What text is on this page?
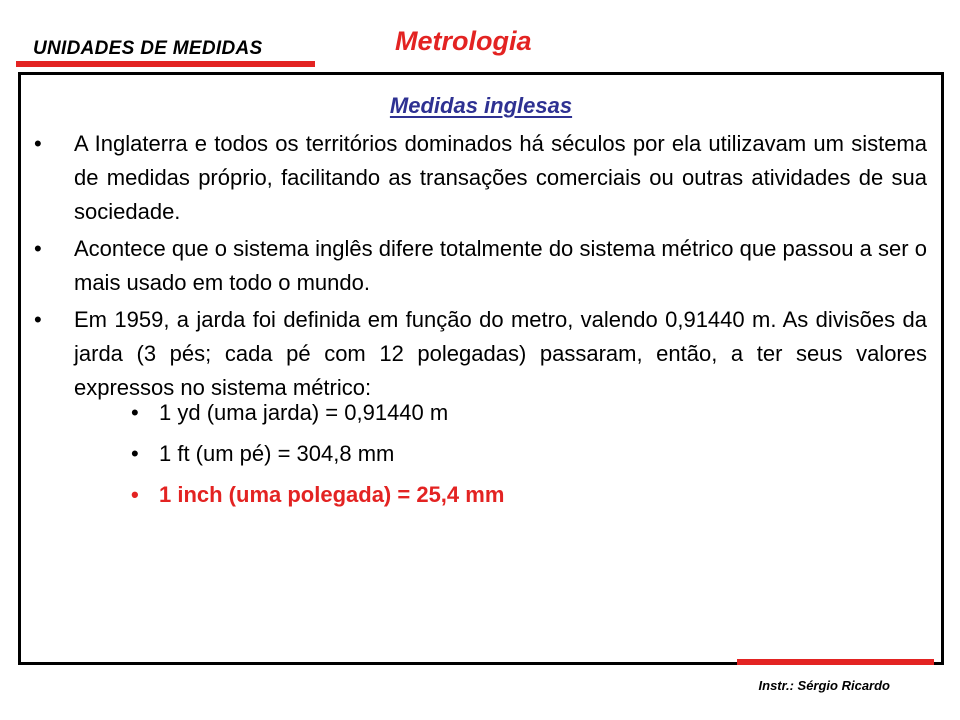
UNIDADES DE MEDIDAS	Metrologia
Medidas inglesas
•	A Inglaterra e todos os territórios dominados há séculos por ela utilizavam um sistema de medidas próprio, facilitando as transações comerciais ou outras atividades de sua sociedade.
•	Acontece que o sistema inglês difere totalmente do sistema métrico que passou a ser o mais usado em todo o mundo.
•	Em 1959, a jarda foi definida em função do metro, valendo 0,91440 m. As divisões da jarda (3 pés; cada pé com 12 polegadas) passaram, então, a ter seus valores expressos no sistema métrico:
• 1 yd (uma jarda) = 0,91440 m
• 1 ft (um pé) = 304,8 mm
• 1 inch (uma polegada) = 25,4 mm
Instr.: Sérgio Ricardo
